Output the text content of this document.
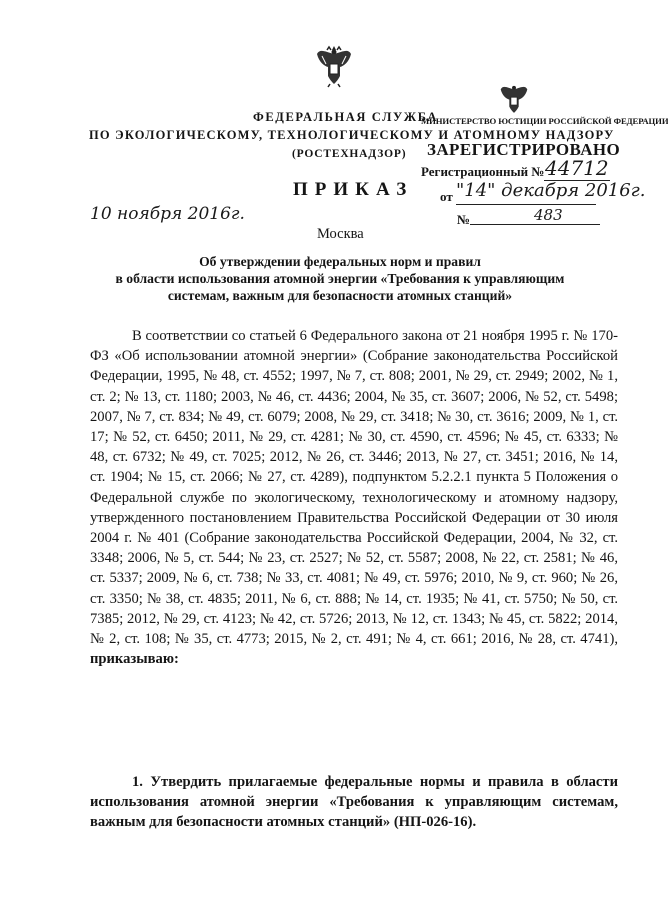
ФЕДЕРАЛЬНАЯ СЛУЖБА
ПО ЭКОЛОГИЧЕСКОМУ, ТЕХНОЛОГИЧЕСКОМУ И АТОМНОМУ НАДЗОРУ
(РОСТЕХНАДЗОР)
МИНИСТЕРСТВО ЮСТИЦИИ РОССИЙСКОЙ ФЕДЕРАЦИИ
ЗАРЕГИСТРИРОВАНО
Регистрационный № 44712
от "14" декабря 2016г.
ПРИКАЗ
10 ноября 2016г.	№	483
Москва
Об утверждении федеральных норм и правил
в области использования атомной энергии «Требования к управляющим
системам, важным для безопасности атомных станций»
В соответствии со статьей 6 Федерального закона от 21 ноября 1995 г. № 170-ФЗ «Об использовании атомной энергии» (Собрание законодательства Российской Федерации, 1995, № 48, ст. 4552; 1997, № 7, ст. 808; 2001, № 29, ст. 2949; 2002, № 1, ст. 2; № 13, ст. 1180; 2003, № 46, ст. 4436; 2004, № 35, ст. 3607; 2006, № 52, ст. 5498; 2007, № 7, ст. 834; № 49, ст. 6079; 2008, № 29, ст. 3418; № 30, ст. 3616; 2009, № 1, ст. 17; № 52, ст. 6450; 2011, № 29, ст. 4281; № 30, ст. 4590, ст. 4596; № 45, ст. 6333; № 48, ст. 6732; № 49, ст. 7025; 2012, № 26, ст. 3446; 2013, № 27, ст. 3451; 2016, № 14, ст. 1904; № 15, ст. 2066; № 27, ст. 4289), подпунктом 5.2.2.1 пункта 5 Положения о Федеральной службе по экологическому, технологическому и атомному надзору, утвержденного постановлением Правительства Российской Федерации от 30 июля 2004 г. № 401 (Собрание законодательства Российской Федерации, 2004, № 32, ст. 3348; 2006, № 5, ст. 544; № 23, ст. 2527; № 52, ст. 5587; 2008, № 22, ст. 2581; № 46, ст. 5337; 2009, № 6, ст. 738; № 33, ст. 4081; № 49, ст. 5976; 2010, № 9, ст. 960; № 26, ст. 3350; № 38, ст. 4835; 2011, № 6, ст. 888; № 14, ст. 1935; № 41, ст. 5750; № 50, ст. 7385; 2012, № 29, ст. 4123; № 42, ст. 5726; 2013, № 12, ст. 1343; № 45, ст. 5822; 2014, № 2, ст. 108; № 35, ст. 4773; 2015, № 2, ст. 491; № 4, ст. 661; 2016, № 28, ст. 4741), приказываю:
1. Утвердить прилагаемые федеральные нормы и правила в области использования атомной энергии «Требования к управляющим системам, важным для безопасности атомных станций» (НП-026-16).
